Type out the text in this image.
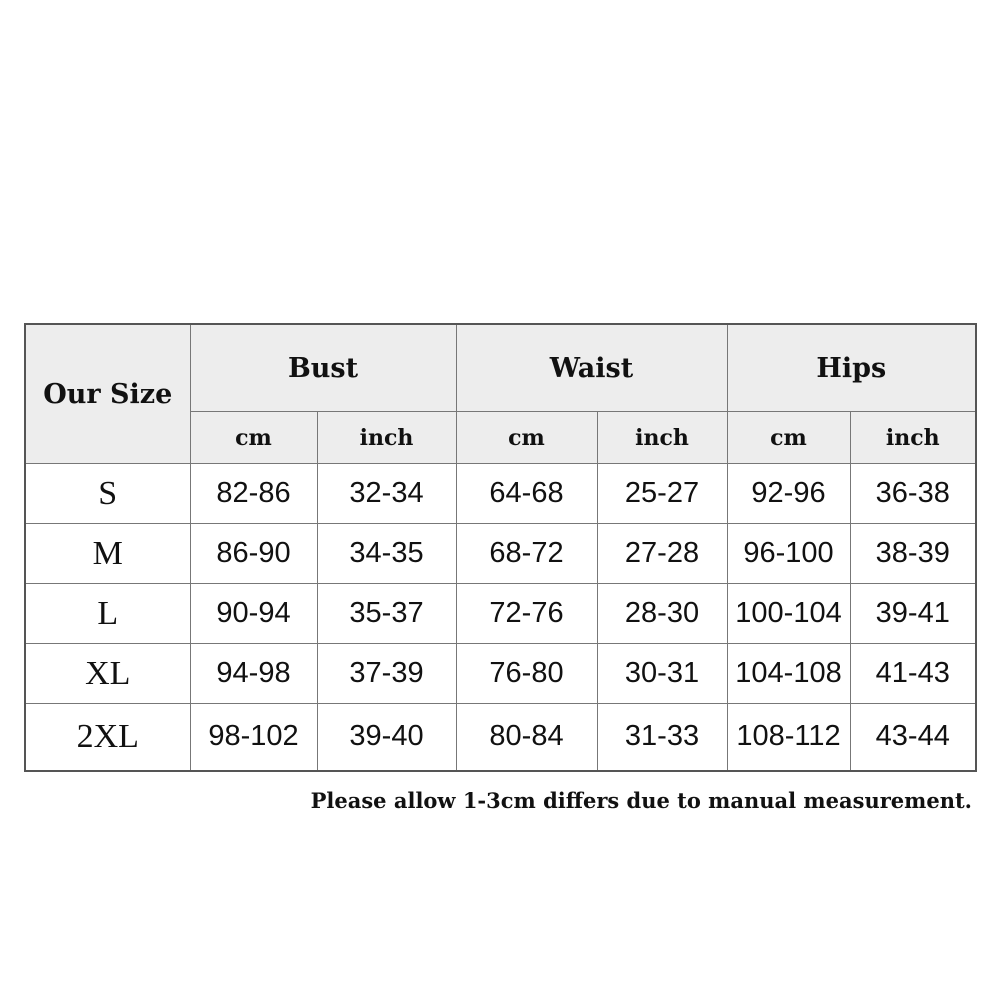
Our Size	Bust		Waist		Hips	
	cm	inch	cm	inch	cm	inch
S	82-86	32-34	64-68	25-27	92-96	36-38
M	86-90	34-35	68-72	27-28	96-100	38-39
L	90-94	35-37	72-76	28-30	100-104	39-41
XL	94-98	37-39	76-80	30-31	104-108	41-43
2XL	98-102	39-40	80-84	31-33	108-112	43-44
Please allow 1-3cm differs due to manual measurement.
